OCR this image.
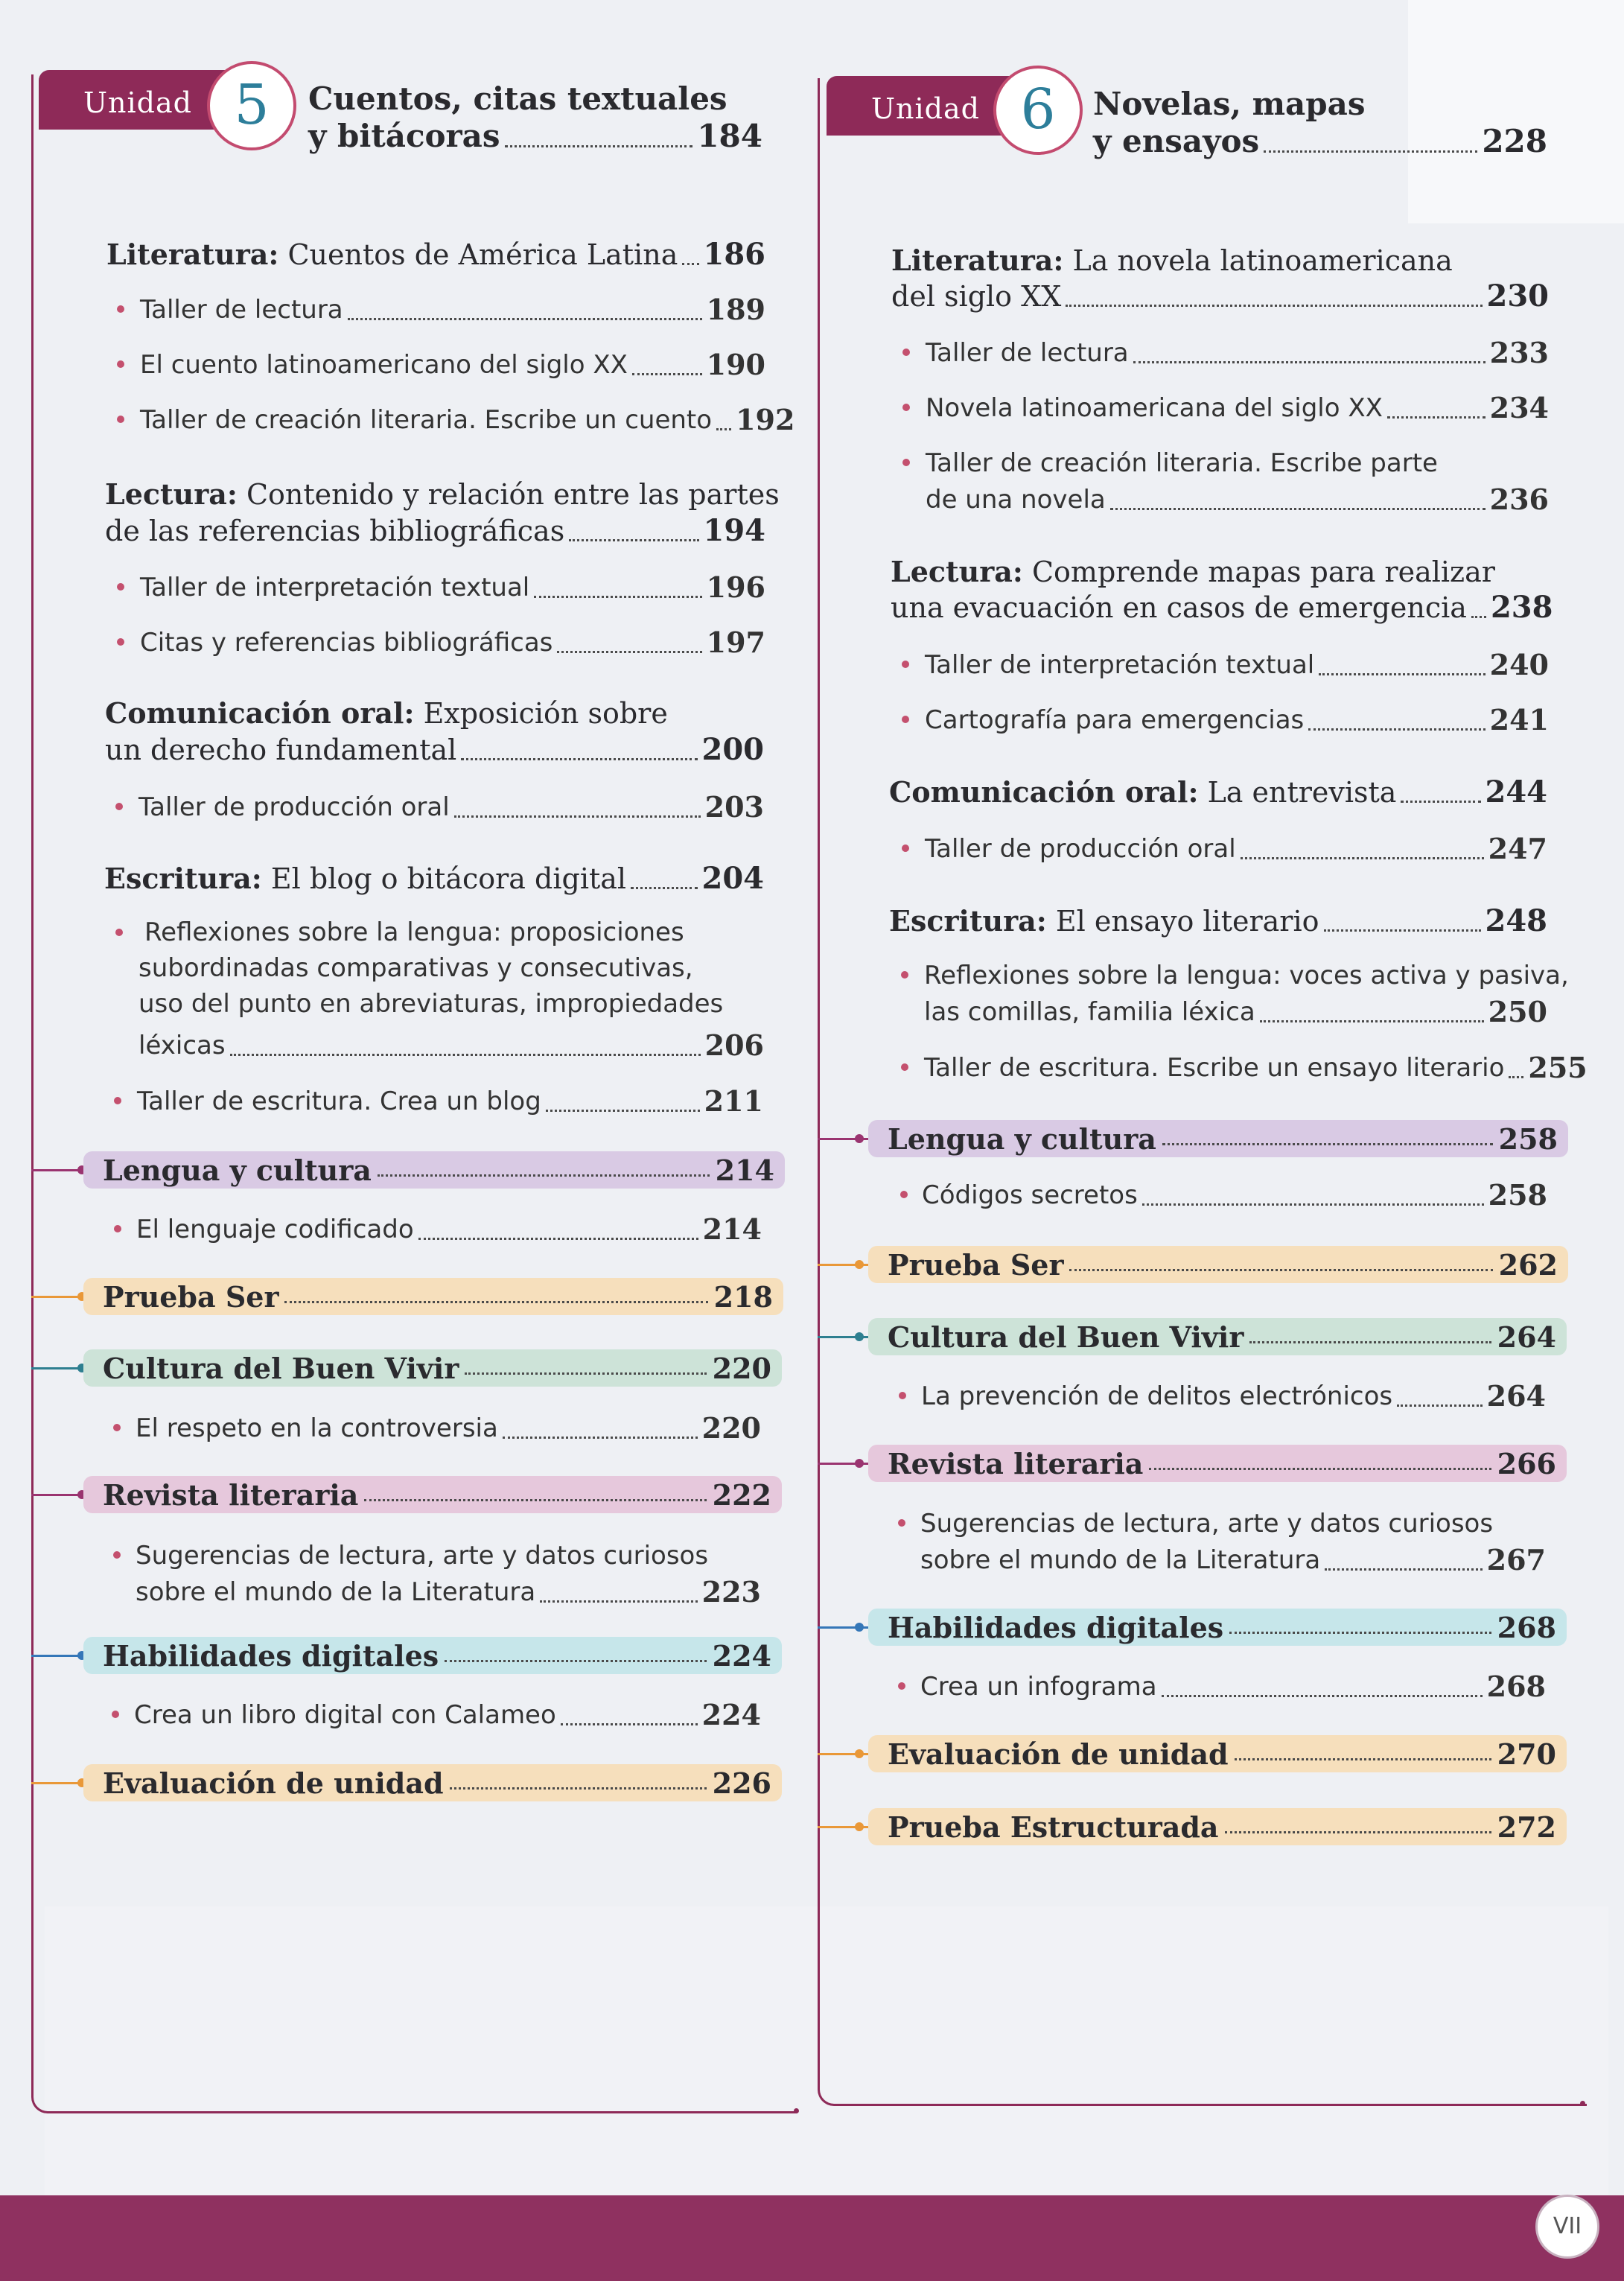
Unidad 5	Cuentos, citas textuales
y bitácoras	184
Literatura: Cuentos de América Latina 186
Taller de lectura	189
El cuento latinoamericano del siglo XX	190
Taller de creación literaria. Escribe un cuento 192
Lectura: Contenido y relación entre las partes
de las referencias bibliográficas	194
Taller de interpretación textual	196
Citas y referencias bibliográficas	197
Comunicación oral: Exposición sobre
un derecho fundamental	200
Taller de producción oral	203
Escritura: El blog o bitácora digital	204
Reflexiones sobre la lengua: proposiciones
subordinadas comparativas y consecutivas,
uso del punto en abreviaturas, impropiedades
léxicas	206
Taller de escritura. Crea un blog	211
Lengua y cultura	214
El lenguaje codificado	214
Prueba Ser	218
Cultura del Buen Vivir	220
El respeto en la controversia	220
Revista literaria	222
Sugerencias de lectura, arte y datos curiosos
sobre el mundo de la Literatura	223
Habilidades digitales	224
Crea un libro digital con Calameo	224
Evaluación de unidad	226
Unidad 6	Novelas, mapas
y ensayos	228
Literatura: La novela latinoamericana
del siglo XX	230
Taller de lectura	233
Novela latinoamericana del siglo XX	234
Taller de creación literaria. Escribe parte
de una novela	236
Lectura: Comprende mapas para realizar
una evacuación en casos de emergencia 238
Taller de interpretación textual	240
Cartografía para emergencias	241
Comunicación oral: La entrevista	244
Taller de producción oral	247
Escritura: El ensayo literario	248
Reflexiones sobre la lengua: voces activa y pasiva,
las comillas, familia léxica	250
Taller de escritura. Escribe un ensayo literario 255
Lengua y cultura	258
Códigos secretos	258
Prueba Ser	262
Cultura del Buen Vivir	264
La prevención de delitos electrónicos	264
Revista literaria	266
Sugerencias de lectura, arte y datos curiosos
sobre el mundo de la Literatura	267
Habilidades digitales	268
Crea un infograma	268
Evaluación de unidad	270
Prueba Estructurada	272
VII
